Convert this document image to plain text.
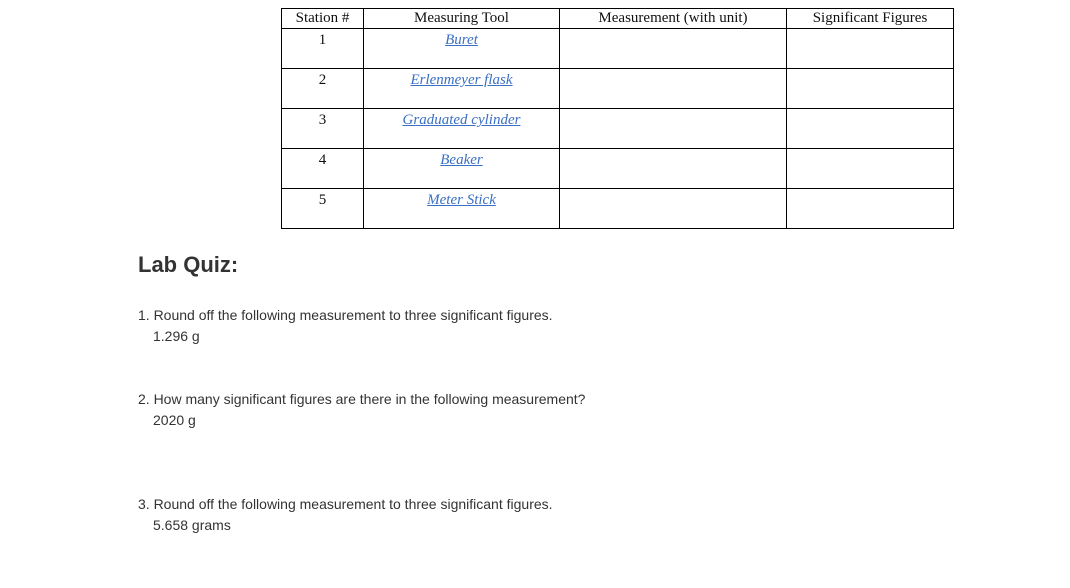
Station #	Measuring Tool	Measurement (with unit)	Significant Figures
1	Buret		
2	Erlenmeyer flask		
3	Graduated cylinder		
4	Beaker		
5	Meter Stick		
Lab Quiz:
1. Round off the following measurement to three significant figures.
1.296 g
2. How many significant figures are there in the following measurement?
2020 g
3. Round off the following measurement to three significant figures.
5.658 grams
